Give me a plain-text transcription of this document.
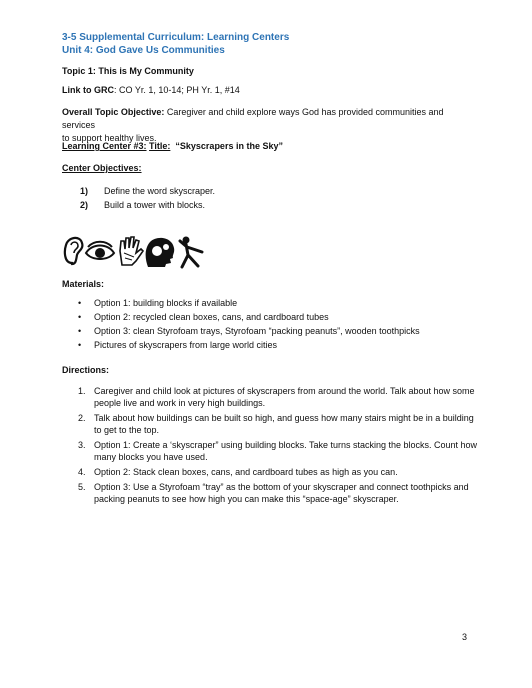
3-5 Supplemental Curriculum: Learning Centers
Unit 4: God Gave Us Communities
Topic 1: This is My Community
Link to GRC: CO Yr. 1, 10-14; PH Yr. 1, #14
Overall Topic Objective: Caregiver and child explore ways God has provided communities and services
to support healthy lives.
Learning Center #3: Title: “Skyscrapers in the Sky”
Center Objectives:
1) Define the word skyscraper.
2) Build a tower with blocks.
Materials:
• Option 1: building blocks if available
• Option 2: recycled clean boxes, cans, and cardboard tubes
• Option 3: clean Styrofoam trays, Styrofoam “packing peanuts”, wooden toothpicks
• Pictures of skyscrapers from large world cities
Directions:
1. Caregiver and child look at pictures of skyscrapers from around the world. Talk about how some
people live and work in very high buildings.
2. Talk about how buildings can be built so high, and guess how many stairs might be in a building
to get to the top.
3. Option 1: Create a ‘skyscraper” using building blocks. Take turns stacking the blocks. Count how
many blocks you have used.
4. Option 2: Stack clean boxes, cans, and cardboard tubes as high as you can.
5. Option 3: Use a Styrofoam “tray” as the bottom of your skyscraper and connect toothpicks and
packing peanuts to see how high you can make this “space-age” skyscraper.
3
